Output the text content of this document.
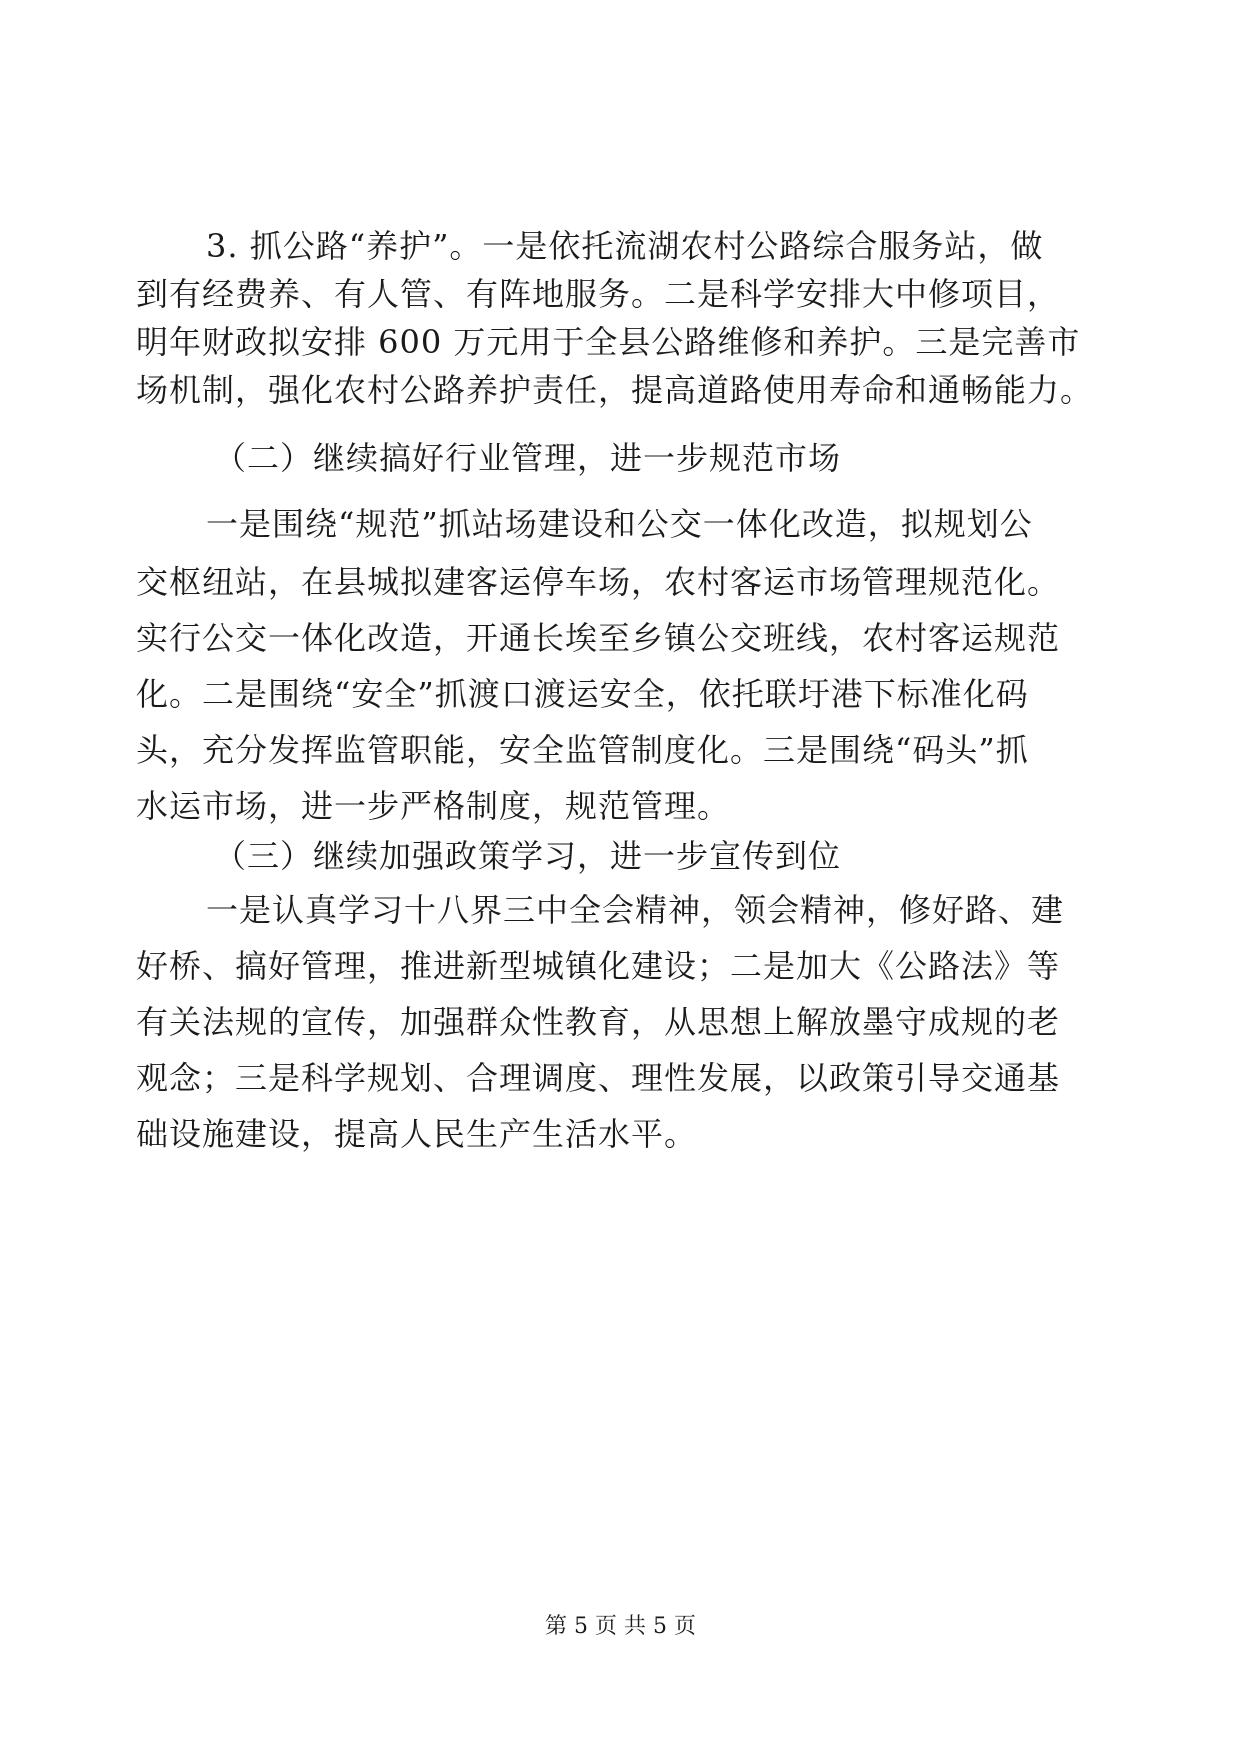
3. 抓公路“养护”。一是依托流湖农村公路综合服务站，做
到有经费养、有人管、有阵地服务。二是科学安排大中修项目，
明年财政拟安排 600 万元用于全县公路维修和养护。三是完善市
场机制，强化农村公路养护责任，提高道路使用寿命和通畅能力。
（二）继续搞好行业管理，进一步规范市场
一是围绕“规范”抓站场建设和公交一体化改造，拟规划公
交枢纽站，在县城拟建客运停车场，农村客运市场管理规范化。
实行公交一体化改造，开通长埃至乡镇公交班线，农村客运规范
化。二是围绕“安全”抓渡口渡运安全，依托联圩港下标准化码
头，充分发挥监管职能，安全监管制度化。三是围绕“码头”抓
水运市场，进一步严格制度，规范管理。
（三）继续加强政策学习，进一步宣传到位
一是认真学习十八界三中全会精神，领会精神，修好路、建
好桥、搞好管理，推进新型城镇化建设；二是加大《公路法》等
有关法规的宣传，加强群众性教育，从思想上解放墨守成规的老
观念；三是科学规划、合理调度、理性发展，以政策引导交通基
础设施建设，提高人民生产生活水平。
第 5 页 共 5 页
